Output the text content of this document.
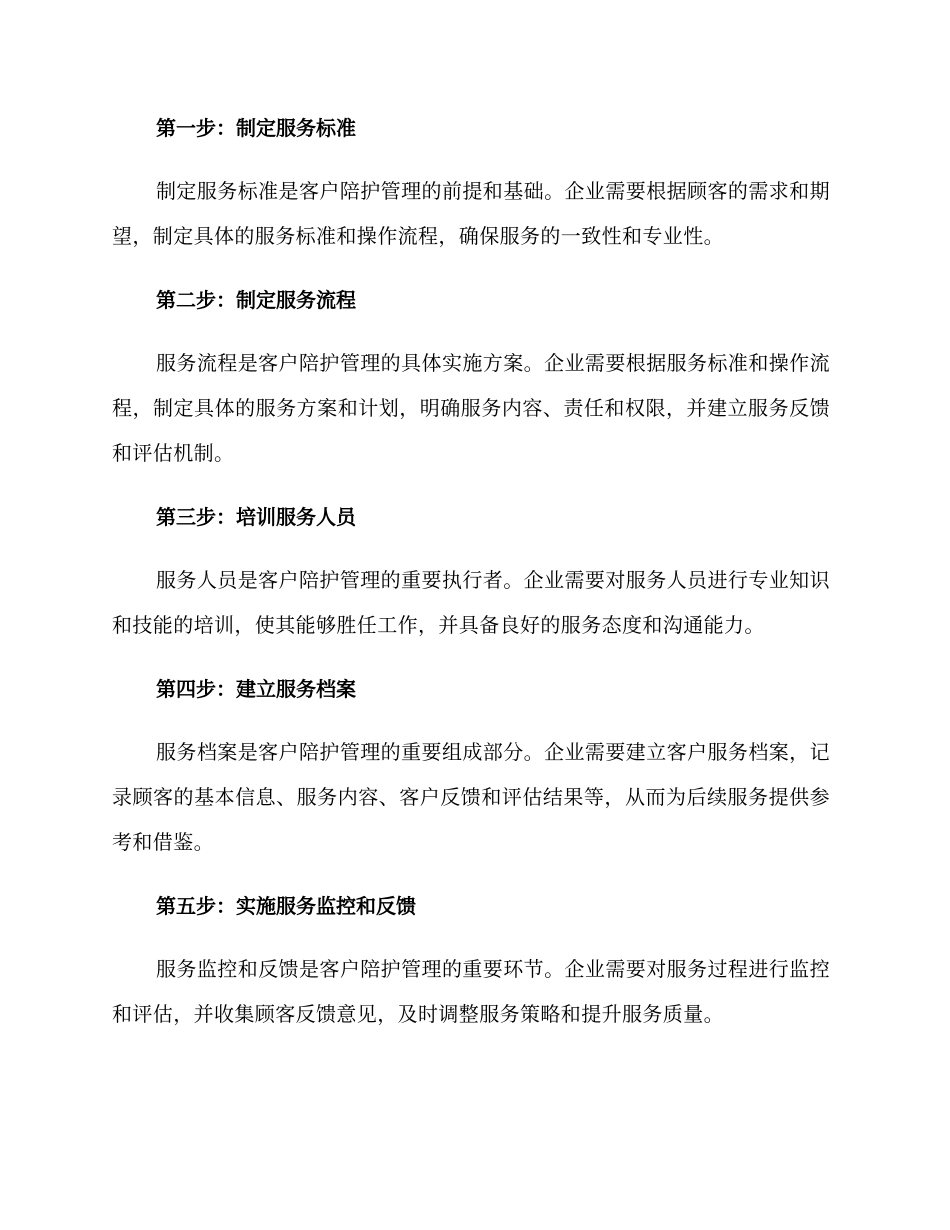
第一步：制定服务标准

制定服务标准是客户陪护管理的前提和基础。企业需要根据顾客的需求和期望，制定具体的服务标准和操作流程，确保服务的一致性和专业性。

第二步：制定服务流程

服务流程是客户陪护管理的具体实施方案。企业需要根据服务标准和操作流程，制定具体的服务方案和计划，明确服务内容、责任和权限，并建立服务反馈和评估机制。

第三步：培训服务人员

服务人员是客户陪护管理的重要执行者。企业需要对服务人员进行专业知识和技能的培训，使其能够胜任工作，并具备良好的服务态度和沟通能力。

第四步：建立服务档案

服务档案是客户陪护管理的重要组成部分。企业需要建立客户服务档案，记录顾客的基本信息、服务内容、客户反馈和评估结果等，从而为后续服务提供参考和借鉴。

第五步：实施服务监控和反馈

服务监控和反馈是客户陪护管理的重要环节。企业需要对服务过程进行监控和评估，并收集顾客反馈意见，及时调整服务策略和提升服务质量。
